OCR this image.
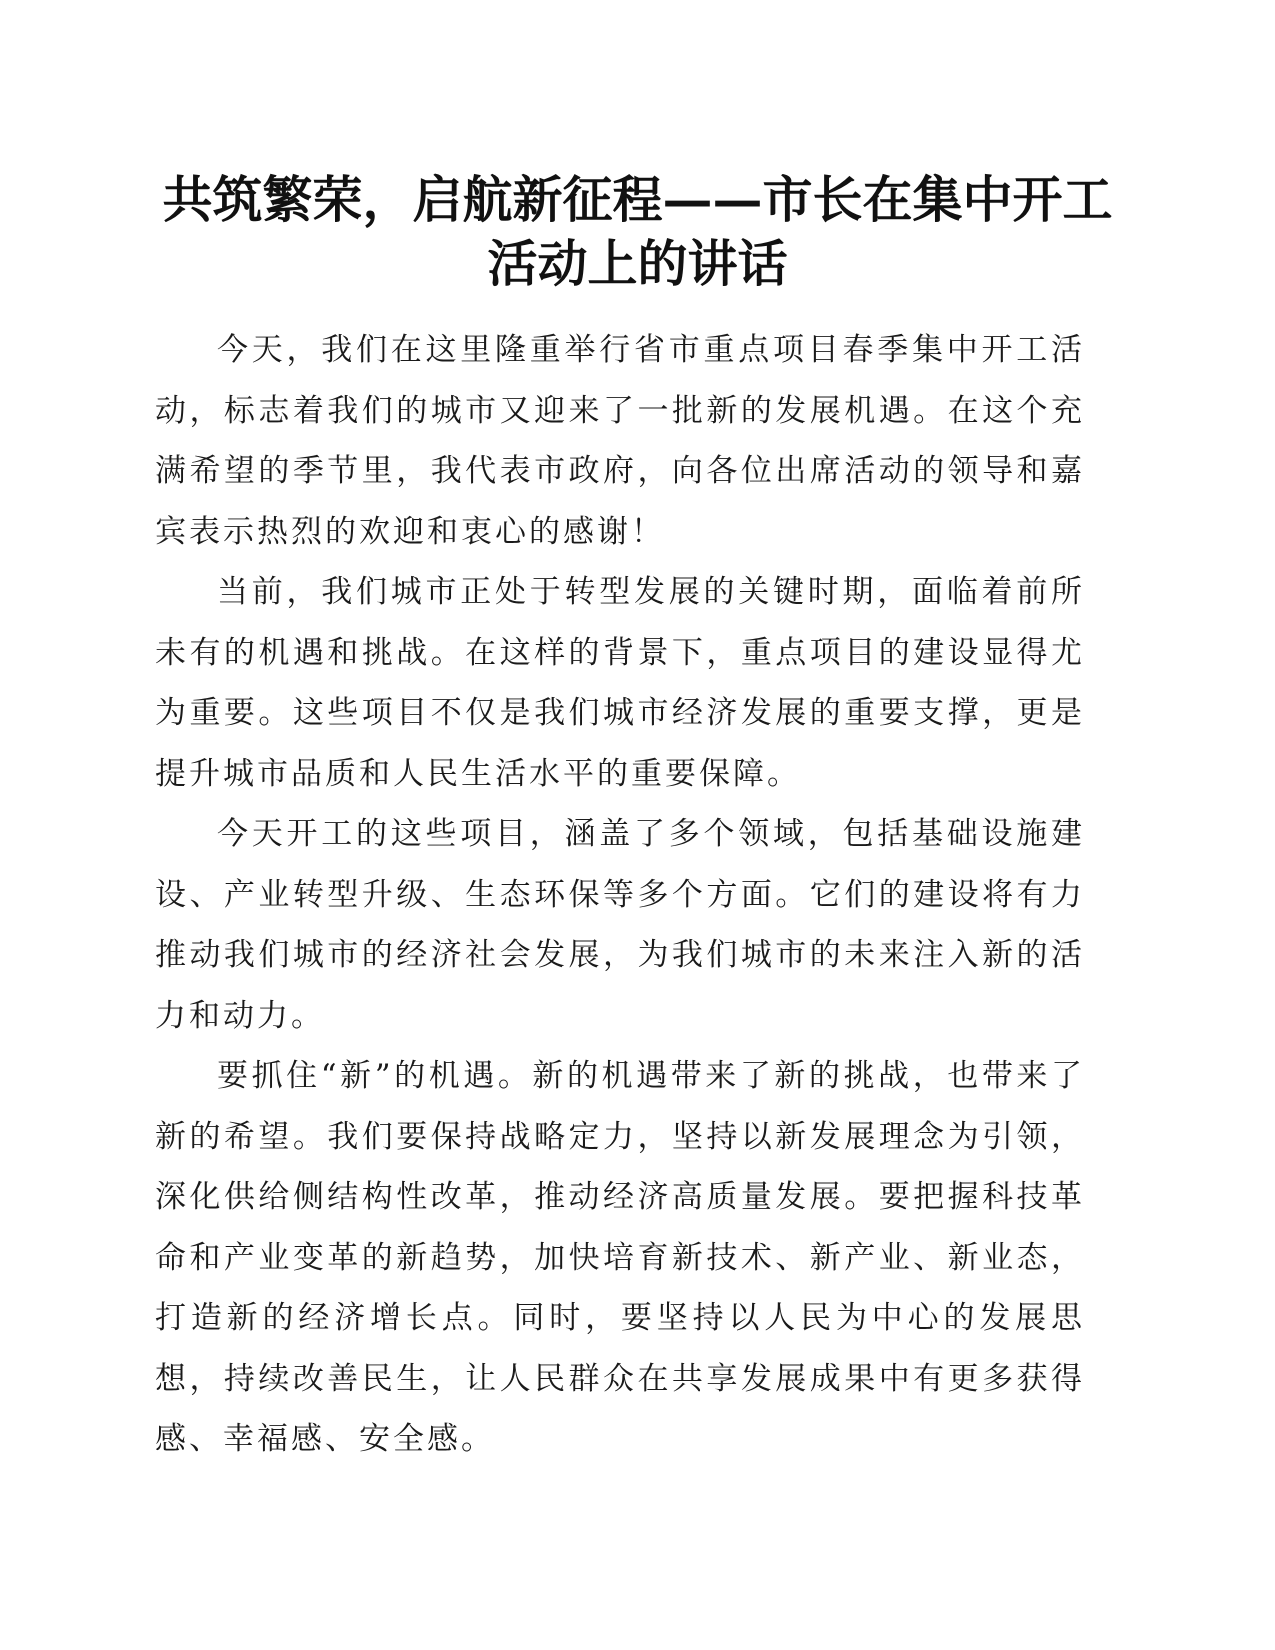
共筑繁荣，启航新征程——市长在集中开工活动上的讲话

今天，我们在这里隆重举行省市重点项目春季集中开工活动，标志着我们的城市又迎来了一批新的发展机遇。在这个充满希望的季节里，我代表市政府，向各位出席活动的领导和嘉宾表示热烈的欢迎和衷心的感谢！

当前，我们城市正处于转型发展的关键时期，面临着前所未有的机遇和挑战。在这样的背景下，重点项目的建设显得尤为重要。这些项目不仅是我们城市经济发展的重要支撑，更是提升城市品质和人民生活水平的重要保障。

今天开工的这些项目，涵盖了多个领域，包括基础设施建设、产业转型升级、生态环保等多个方面。它们的建设将有力推动我们城市的经济社会发展，为我们城市的未来注入新的活力和动力。

要抓住“新”的机遇。新的机遇带来了新的挑战，也带来了新的希望。我们要保持战略定力，坚持以新发展理念为引领，深化供给侧结构性改革，推动经济高质量发展。要把握科技革命和产业变革的新趋势，加快培育新技术、新产业、新业态，打造新的经济增长点。同时，要坚持以人民为中心的发展思想，持续改善民生，让人民群众在共享发展成果中有更多获得感、幸福感、安全感。
